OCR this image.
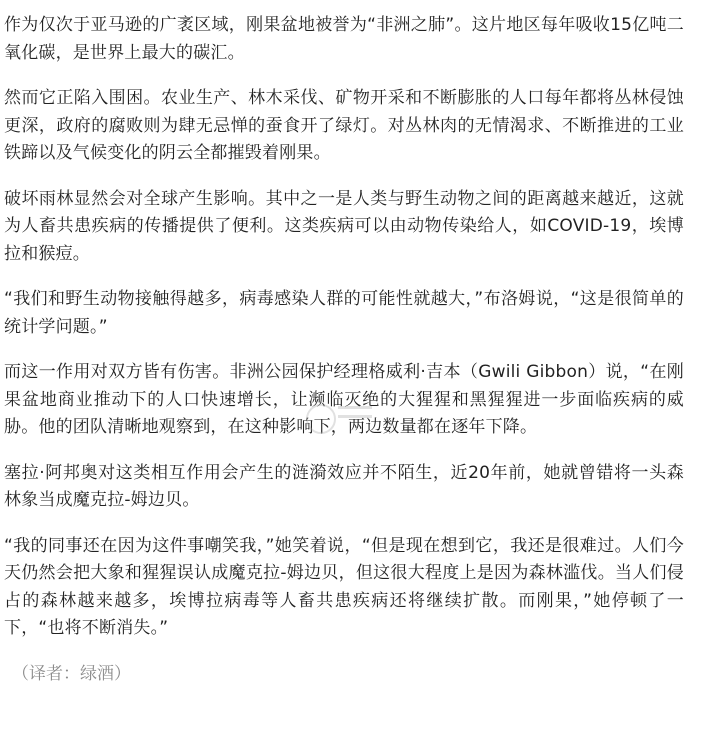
作为仅次于亚马逊的广袤区域，刚果盆地被誉为“非洲之肺”。这片地区每年吸收15亿吨二氧化碳，是世界上最大的碳汇。

然而它正陷入围困。农业生产、林木采伐、矿物开采和不断膨胀的人口每年都将丛林侵蚀更深，政府的腐败则为肆无忌惮的蚕食开了绿灯。对丛林肉的无情渴求、不断推进的工业铁蹄以及气候变化的阴云全都摧毁着刚果。

破坏雨林显然会对全球产生影响。其中之一是人类与野生动物之间的距离越来越近，这就为人畜共患疾病的传播提供了便利。这类疾病可以由动物传染给人，如COVID-19，埃博拉和猴痘。

“我们和野生动物接触得越多，病毒感染人群的可能性就越大，”布洛姆说，“这是很简单的统计学问题。”

而这一作用对双方皆有伤害。非洲公园保护经理格威利·吉本（Gwili Gibbon）说，“在刚果盆地商业推动下的人口快速增长，让濒临灭绝的大猩猩和黑猩猩进一步面临疾病的威胁。他的团队清晰地观察到，在这种影响下，两边数量都在逐年下降。

塞拉·阿邦奥对这类相互作用会产生的涟漪效应并不陌生，近20年前，她就曾错将一头森林象当成魔克拉-姆边贝。

“我的同事还在因为这件事嘲笑我，”她笑着说，“但是现在想到它，我还是很难过。人们今天仍然会把大象和猩猩误认成魔克拉-姆边贝，但这很大程度上是因为森林滥伐。当人们侵占的森林越来越多，埃博拉病毒等人畜共患疾病还将继续扩散。而刚果，”她停顿了一下，“也将不断消失。”

（译者：绿酒）
